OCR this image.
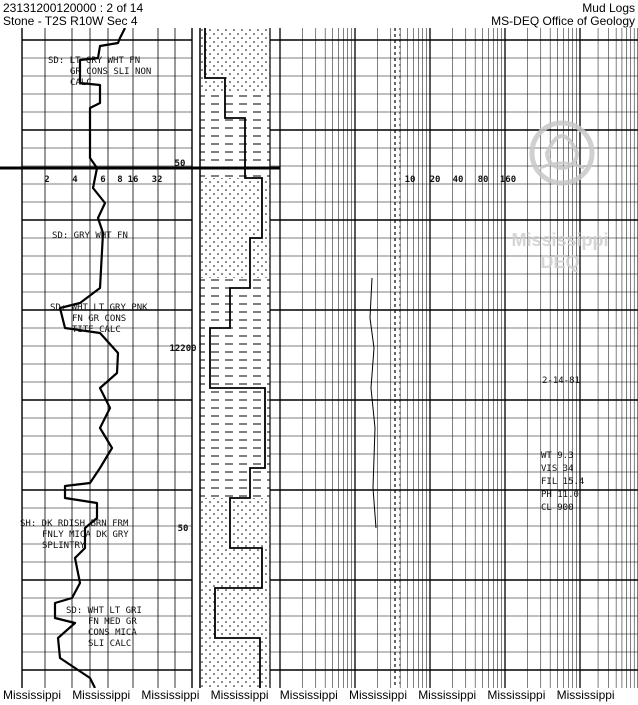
23131200120000 : 2 of 14
Stone - T2S R10W Sec 4
Mud Logs
MS-DEQ Office of Geology
Mississippi
DEQ
2	4	6 8 16 32	10 20 40 80 160
50
12200
50
SD: LT GRY WHT FN
GR CONS SLI NON
CALC
SD: GRY WHT FN
SD: WHT LT GRY PNK
FN GR CONS
TITE CALC
SH: DK RDISH BRN FRM
FNLY MICA DK GRY
SPLINTRY
SD: WHT LT GRI
FN MED GR
CONS MICA
SLI CALC
2-14-81
WT 9.3
VIS 34
FIL 15.4
PH 11.0
CL 900
Mississippi Mississippi Mississippi Mississippi Mississippi Mississippi Mississippi Mississippi Mississippi
